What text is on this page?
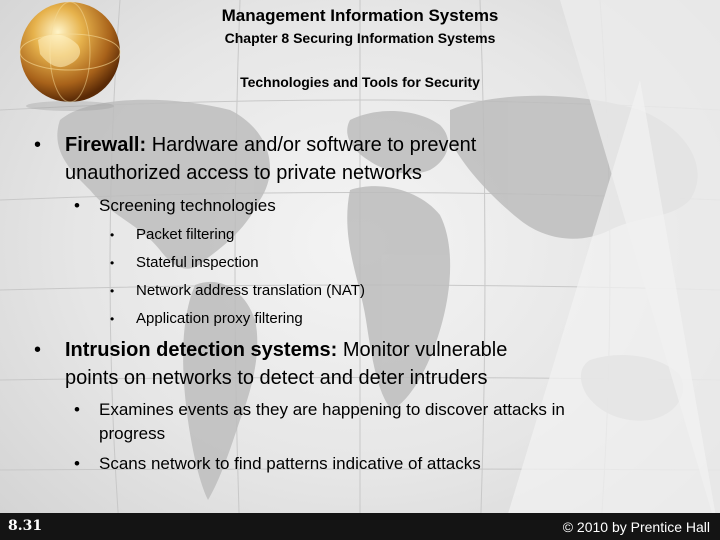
Management Information Systems
Chapter 8 Securing Information Systems
Technologies and Tools for Security
• Firewall: Hardware and/or software to prevent
unauthorized access to private networks
• Screening technologies
• Packet filtering
• Stateful inspection
• Network address translation (NAT)
• Application proxy filtering
• Intrusion detection systems: Monitor vulnerable
points on networks to detect and deter intruders
• Examines events as they are happening to discover attacks in
progress
• Scans network to find patterns indicative of attacks
8.31	© 2010 by Prentice Hall
